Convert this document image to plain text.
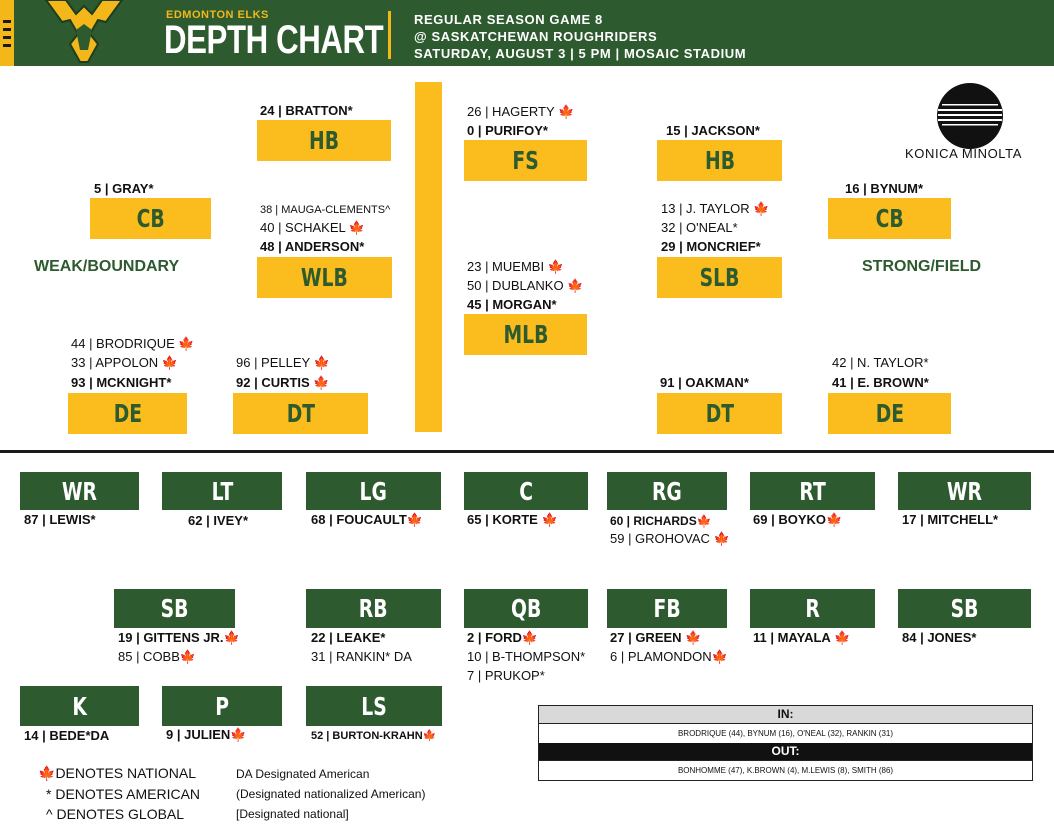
EDMONTON ELKS
DEPTH CHART REGULAR SEASON GAME 8
@ SASKATCHEWAN ROUGHRIDERS
SATURDAY, AUGUST 3 | 5 PM | MOSAIC STADIUM
KONICA MINOLTA
24 | BRATTON*
HB
26 | HAGERTY 🍁
0 | PURIFOY*
FS
15 | JACKSON*
HB
5 | GRAY*
CB
16 | BYNUM*
CB
38 | MAUGA-CLEMENTS^
40 | SCHAKEL 🍁
48 | ANDERSON*
WLB
13 | J. TAYLOR 🍁
32 | O'NEAL*
29 | MONCRIEF*
SLB
WEAK/BOUNDARY	STRONG/FIELD
23 | MUEMBI 🍁
50 | DUBLANKO 🍁
45 | MORGAN*
MLB
44 | BRODRIQUE 🍁
33 | APPOLON 🍁
93 | MCKNIGHT*
DE
96 | PELLEY 🍁
92 | CURTIS 🍁
DT
91 | OAKMAN*
DT
42 | N. TAYLOR*
41 | E. BROWN*
DE
WR
87 | LEWIS*
LT
62 | IVEY*
LG
68 | FOUCAULT🍁
C
65 | KORTE 🍁
RG
60 | RICHARDS🍁
59 | GROHOVAC 🍁
RT
69 | BOYKO🍁
WR
17 | MITCHELL*
SB
19 | GITTENS JR.🍁
85 | COBB🍁
RB
22 | LEAKE*
31 | RANKIN* DA
QB
2 | FORD🍁
10 | B-THOMPSON*
7 | PRUKOP*
FB
27 | GREEN 🍁
6 | PLAMONDON🍁
R
11 | MAYALA 🍁
SB
84 | JONES*
K
14 | BEDE*DA
P
9 | JULIEN🍁
LS
52 | BURTON-KRAHN🍁
🍁DENOTES NATIONAL
* DENOTES AMERICAN
^ DENOTES GLOBAL
DA Designated American
(Designated nationalized American)
[Designated national]
IN:
BRODRIQUE (44), BYNUM (16), O'NEAL (32), RANKIN (31)
OUT:
BONHOMME (47), K.BROWN (4), M.LEWIS (8), SMITH (86)
